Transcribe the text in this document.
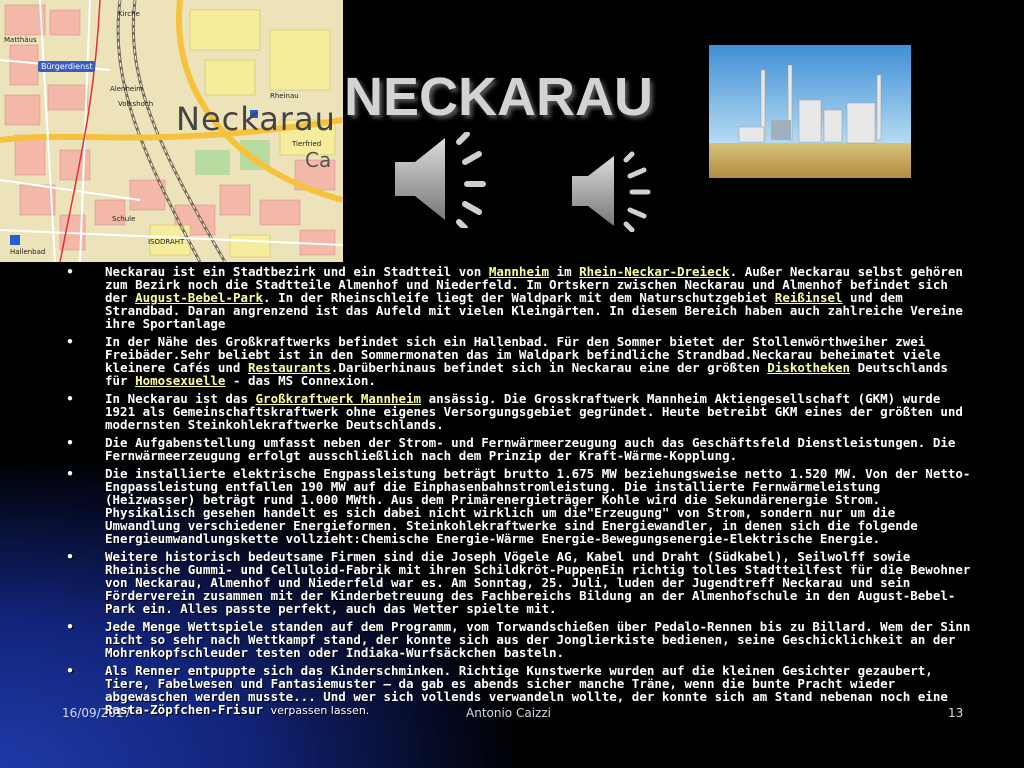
Bürgerdienst
Neckarau
Matthäus
Kirche
Alenheim
Volkshoch
Tierfried
Rheinau
Schule
Hallenbad
ISODRAHT
Ca
NECKARAU
• Neckarau ist ein Stadtbezirk und ein Stadtteil von Mannheim im Rhein-Neckar-Dreieck. Außer Neckarau selbst gehören zum Bezirk noch die Stadtteile Almenhof und Niederfeld. Im Ortskern zwischen Neckarau und Almenhof befindet sich der August-Bebel-Park. In der Rheinschleife liegt der Waldpark mit dem Naturschutzgebiet Reißinsel und dem Strandbad. Daran angrenzend ist das Aufeld mit vielen Kleingärten. In diesem Bereich haben auch zahlreiche Vereine ihre Sportanlage
• In der Nähe des Großkraftwerks befindet sich ein Hallenbad. Für den Sommer bietet der Stollenwörthweiher zwei Freibäder.Sehr beliebt ist in den Sommermonaten das im Waldpark befindliche Strandbad.Neckarau beheimatet viele kleinere Cafés und Restaurants.Darüberhinaus befindet sich in Neckarau eine der größten Diskotheken Deutschlands für Homosexuelle - das MS Connexion.
• In Neckarau ist das Großkraftwerk Mannheim ansässig. Die Grosskraftwerk Mannheim Aktiengesellschaft (GKM) wurde 1921 als Gemeinschaftskraftwerk ohne eigenes Versorgungsgebiet gegründet. Heute betreibt GKM eines der größten und modernsten Steinkohlekraftwerke Deutschlands.
• Die Aufgabenstellung umfasst neben der Strom- und Fernwärmeerzeugung auch das Geschäftsfeld Dienstleistungen. Die Fernwärmeerzeugung erfolgt ausschließlich nach dem Prinzip der Kraft-Wärme-Kopplung.
• Die installierte elektrische Engpassleistung beträgt brutto 1.675 MW beziehungsweise netto 1.520 MW. Von der Netto-Engpassleistung entfallen 190 MW auf die Einphasenbahnstromleistung. Die installierte Fernwärmeleistung (Heizwasser) beträgt rund 1.000 MWth. Aus dem Primärenergieträger Kohle wird die Sekundärenergie Strom. Physikalisch gesehen handelt es sich dabei nicht wirklich um die"Erzeugung" von Strom, sondern nur um die Umwandlung verschiedener Energieformen. Steinkohlekraftwerke sind Energiewandler, in denen sich die folgende Energieumwandlungskette vollzieht:Chemische Energie-Wärme Energie-Bewegungsenergie-Elektrische Energie.
• Weitere historisch bedeutsame Firmen sind die Joseph Vögele AG, Kabel und Draht (Südkabel), Seilwolff sowie Rheinische Gummi- und Celluloid-Fabrik mit ihren Schildkröt-PuppenEin richtig tolles Stadtteilfest für die Bewohner von Neckarau, Almenhof und Niederfeld war es. Am Sonntag, 25. Juli, luden der Jugendtreff Neckarau und sein Förderverein zusammen mit der Kinderbetreuung des Fachbereichs Bildung an der Almenhofschule in den August-Bebel-Park ein. Alles passte perfekt, auch das Wetter spielte mit.
• Jede Menge Wettspiele standen auf dem Programm, vom Torwandschießen über Pedalo-Rennen bis zu Billard. Wem der Sinn nicht so sehr nach Wettkampf stand, der konnte sich aus der Jonglierkiste bedienen, seine Geschicklichkeit an der Mohrenkopfschleuder testen oder Indiaka-Wurfsäckchen basteln.
• Als Renner entpuppte sich das Kinderschminken. Richtige Kunstwerke wurden auf die kleinen Gesichter gezaubert, Tiere, Fabelwesen und Fantasiemuster – da gab es abends sicher manche Träne, wenn die bunte Pracht wieder abgewaschen werden musste... Und wer sich vollends verwandeln wollte, der konnte sich am Stand nebenan noch eine Rasta-Zöpfchen-Frisur verpassen lassen.
16/09/2017	Antonio Caizzi	13
